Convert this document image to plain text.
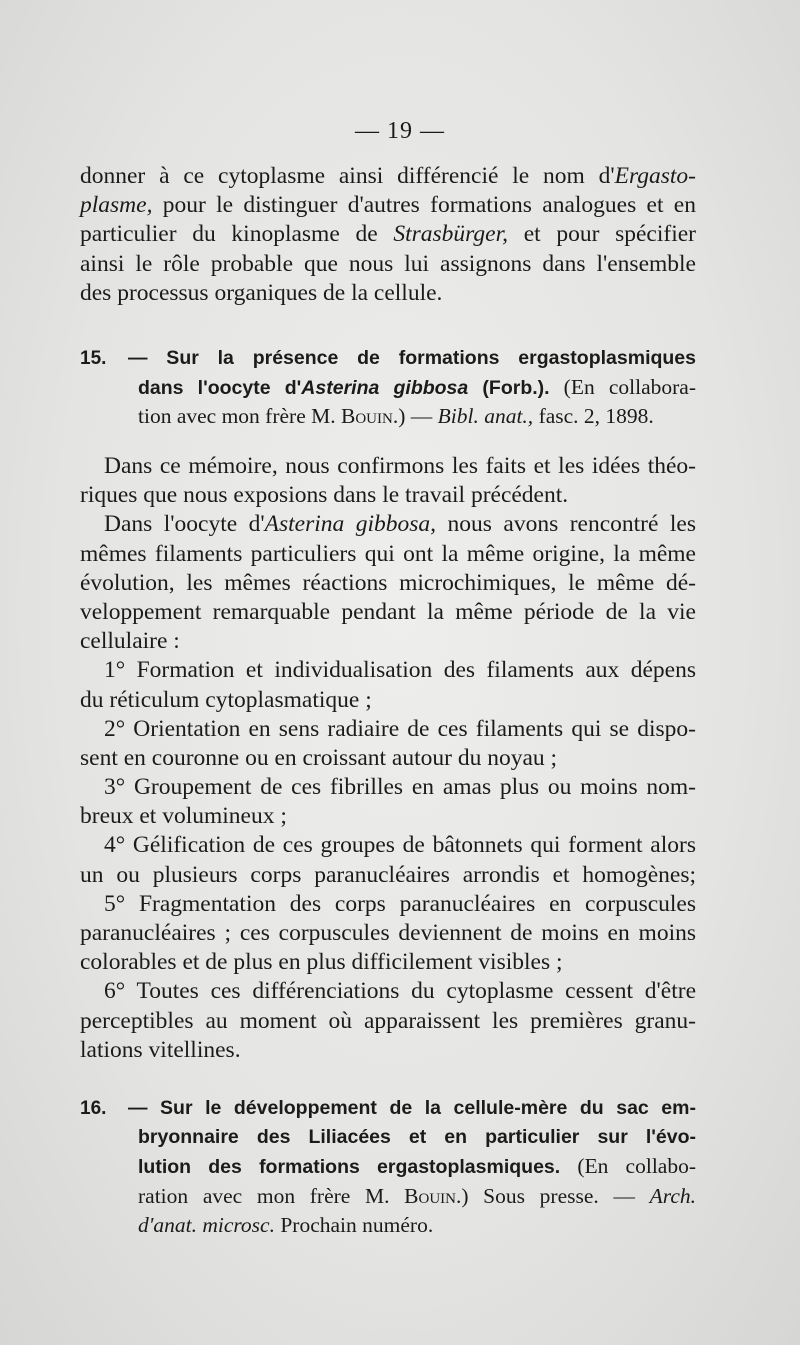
— 19 —
donner à ce cytoplasme ainsi différencié le nom d'Ergasto-
plasme, pour le distinguer d'autres formations analogues et en
particulier du kinoplasme de Strasbürger, et pour spécifier
ainsi le rôle probable que nous lui assignons dans l'ensemble
des processus organiques de la cellule.
15.	— Sur la présence de formations ergastoplasmiques
dans l'oocyte d'Asterina gibbosa (Forb.). (En collabora-
tion avec mon frère M. Bouin.) — Bibl. anat., fasc. 2, 1898.
Dans ce mémoire, nous confirmons les faits et les idées théo-
riques que nous exposions dans le travail précédent.
Dans l'oocyte d'Asterina gibbosa, nous avons rencontré les
mêmes filaments particuliers qui ont la même origine, la même
évolution, les mêmes réactions microchimiques, le même dé-
veloppement remarquable pendant la même période de la vie
cellulaire :
1° Formation et individualisation des filaments aux dépens
du réticulum cytoplasmatique ;
2° Orientation en sens radiaire de ces filaments qui se dispo-
sent en couronne ou en croissant autour du noyau ;
3° Groupement de ces fibrilles en amas plus ou moins nom-
breux et volumineux ;
4° Gélification de ces groupes de bâtonnets qui forment alors
un ou plusieurs corps paranucléaires arrondis et homogènes;
5° Fragmentation des corps paranucléaires en corpuscules
paranucléaires ; ces corpuscules deviennent de moins en moins
colorables et de plus en plus difficilement visibles ;
6° Toutes ces différenciations du cytoplasme cessent d'être
perceptibles au moment où apparaissent les premières granu-
lations vitellines.
16.	— Sur le développement de la cellule-mère du sac em-
bryonnaire des Liliacées et en particulier sur l'évo-
lution des formations ergastoplasmiques. (En collabo-
ration avec mon frère M. Bouin.) Sous presse. — Arch.
d'anat. microsc. Prochain numéro.
